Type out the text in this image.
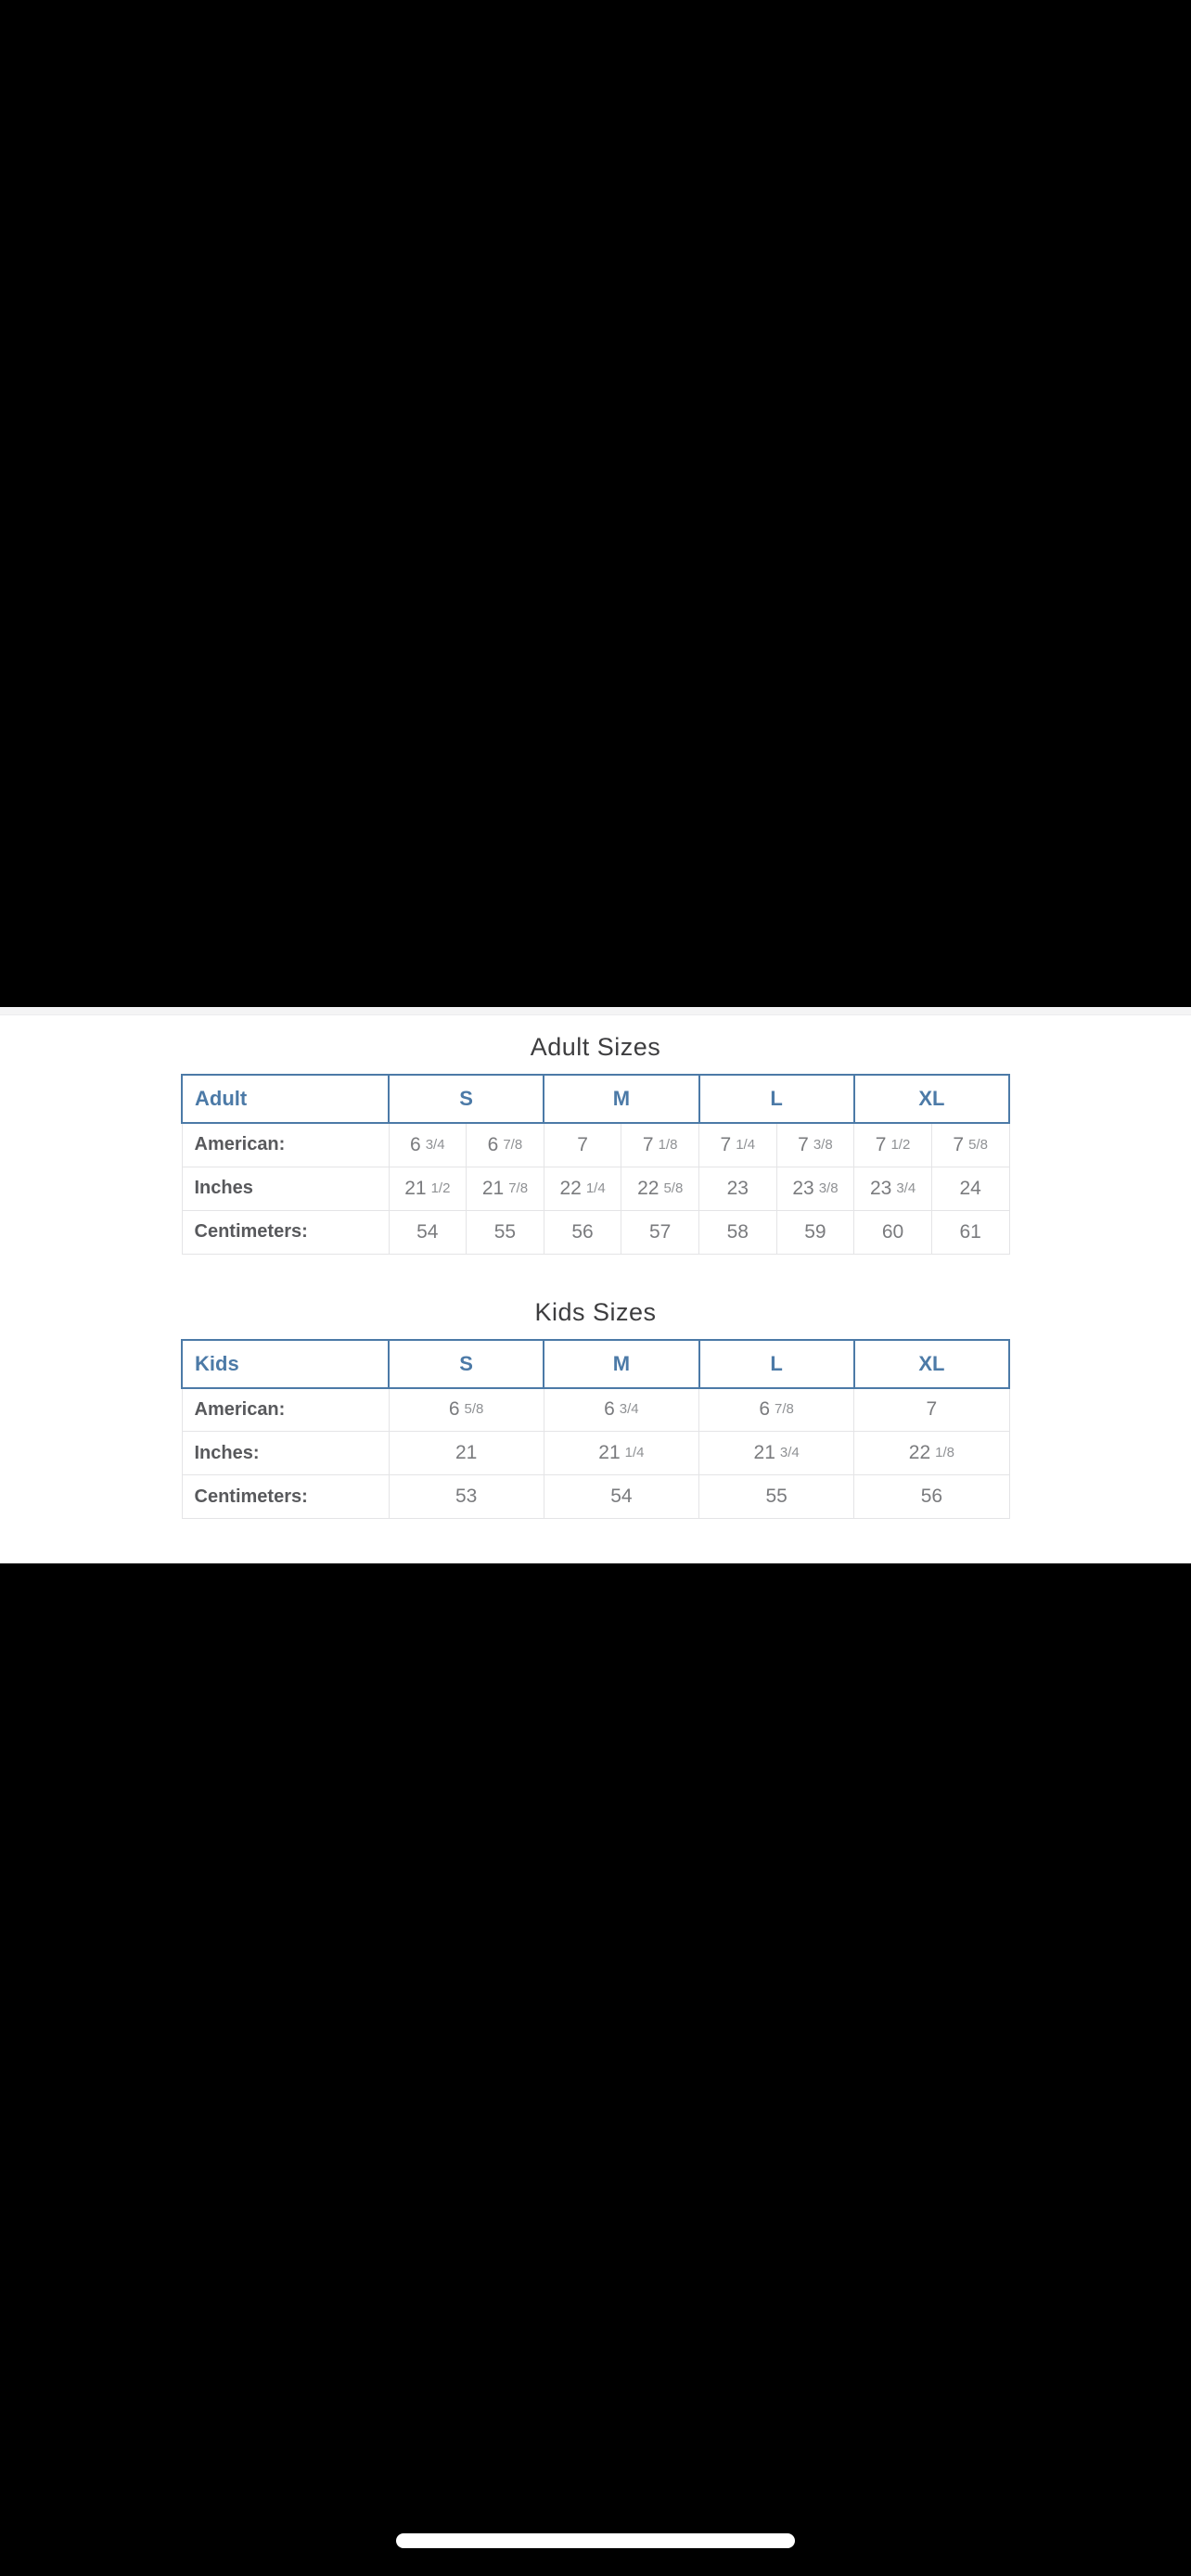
Adult Sizes
Adult	S		M		L		XL	
American:	6 3/4	6 7/8	7	7 1/8	7 1/4	7 3/8	7 1/2	7 5/8
Inches	21 1/2	21 7/8	22 1/4	22 5/8	23	23 3/8	23 3/4	24
Centimeters:	54	55	56	57	58	59	60	61
Kids Sizes
Kids	S	M	L	XL
American:	6 5/8	6 3/4	6 7/8	7
Inches:	21	21 1/4	21 3/4	22 1/8
Centimeters:	53	54	55	56
